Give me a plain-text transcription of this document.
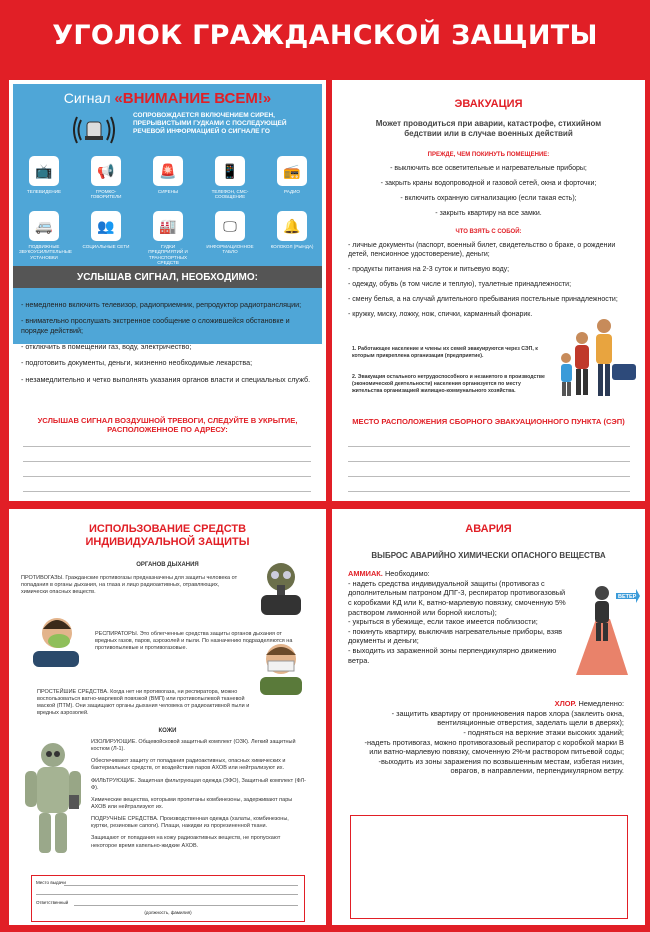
УГОЛОК ГРАЖДАНСКОЙ ЗАЩИТЫ
Сигнал «ВНИМАНИЕ ВСЕМ!»
СОПРОВОЖДАЕТСЯ ВКЛЮЧЕНИЕМ СИРЕН, ПРЕРЫВИСТЫМИ ГУДКАМИ С ПОСЛЕДУЮЩЕЙ РЕЧЕВОЙ ИНФОРМАЦИЕЙ О СИГНАЛЕ ГО
📺
ТЕЛЕВИДЕНИЕ
📢
ГРОМКО-ГОВОРИТЕЛИ
🚨
СИРЕНЫ
📱
ТЕЛЕФОН, СМС-СООБЩЕНИЕ
📻
РАДИО
🚐
ПОДВИЖНЫЕ ЗВУКОУСИЛИТЕЛЬНЫЕ УСТАНОВКИ
👥
СОЦИАЛЬНЫЕ СЕТИ
🏭
ГУДКИ ПРЕДПРИЯТИЙ И ТРАНСПОРТНЫХ СРЕДСТВ
🖵
ИНФОРМАЦИОННОЕ ТАБЛО
🔔
КОЛОКОЛ (РЫНДА)
УСЛЫШАВ СИГНАЛ, НЕОБХОДИМО:

- немедленно включить телевизор, радиоприемник, репродуктор радиотрансляции;

- внимательно прослушать экстренное сообщение о сложившейся обстановке и порядке действий;

- отключить в помещении газ, воду, электричество;

- подготовить документы, деньги, жизненно необходимые лекарства;

- незамедлительно и четко выполнять указания органов власти и специальных служб.

УСЛЫШАВ СИГНАЛ ВОЗДУШНОЙ ТРЕВОГИ, СЛЕДУЙТЕ В УКРЫТИЕ, РАСПОЛОЖЕННОЕ ПО АДРЕСУ:
ЭВАКУАЦИЯ
Может проводиться при аварии, катастрофе, стихийном бедствии или в случае военных действий
ПРЕЖДЕ, ЧЕМ ПОКИНУТЬ ПОМЕЩЕНИЕ:

- выключить все осветительные и нагревательные приборы;

- закрыть краны водопроводной и газовой сетей, окна и форточки;

- включить охранную сигнализацию (если такая есть);

- закрыть квартиру на все замки.

ЧТО ВЗЯТЬ С СОБОЙ:

- личные документы (паспорт, военный билет, свидетельство о браке, о рождении детей, пенсионное удостоверение), деньги;

- продукты питания на 2-3 суток и питьевую воду;

- одежду, обувь (в том числе и теплую), туалетные принадлежности;

- смену белья, а на случай длительного пребывания постельные принадлежности;

- кружку, миску, ложку, нож, спички, карманный фонарик.

1. Работающее население и члены их семей эвакуируются через СЭП, к которым прикреплена организация (предприятие).
2. Эвакуация остального нетрудоспособного и незанятого в производстве (экономической деятельности) населения организуется по месту жительства организацией жилищно-коммунального хозяйства.
МЕСТО РАСПОЛОЖЕНИЯ СБОРНОГО ЭВАКУАЦИОННОГО ПУНКТА (СЭП)
ИСПОЛЬЗОВАНИЕ СРЕДСТВ ИНДИВИДУАЛЬНОЙ ЗАЩИТЫ
ОРГАНОВ ДЫХАНИЯ
ПРОТИВОГАЗЫ. Гражданские противогазы предназначены для защиты человека от попадания в органы дыхания, на глаза и лицо радиоактивных, отравляющих, химически опасных веществ.
РЕСПИРАТОРЫ. Это облегченные средства защиты органов дыхания от вредных газов, паров, аэрозолей и пыли. По назначению подразделяются на противопылевые и противогазовые.
ПРОСТЕЙШИЕ СРЕДСТВА. Когда нет ни противогаза, ни респиратора, можно воспользоваться ватно-марлевой повязкой (ВМП) или противопылевой тканевой маской (ПТМ). Они защищают органы дыхания человека от радиоактивной пыли и вредных аэрозолей.
КОЖИ

ИЗОЛИРУЮЩИЕ. Общевойсковой защитный комплект (ОЗК). Легкий защитный костюм (Л-1).

Обеспечивают защиту от попадания радиоактивных, опасных химических и бактериальных средств, от воздействия паров АХОВ или нейтрализуют их.

ФИЛЬТРУЮЩИЕ. Защитная фильтрующая одежда (ЗФО), Защитный комплект (ФЛ-Ф).

Химические вещества, которыми пропитаны комбинезоны, задерживают пары АХОВ или нейтрализуют их.

ПОДРУЧНЫЕ СРЕДСТВА. Производственная одежда (халаты, комбинезоны, куртки, резиновые сапоги). Плащи, накидки из прорезиненной ткани.

Защищают от попадания на кожу радиоактивных веществ, не пропускают некоторое время капельно-жидкие АХОВ.

Место выдачи
Ответственный
(должность, фамилия)
АВАРИЯ
ВЫБРОС АВАРИЙНО ХИМИЧЕСКИ ОПАСНОГО ВЕЩЕСТВА
АММИАК. Необходимо:
- надеть средства индивидуальной защиты (противогаз с дополнительным патроном ДПГ-3, респиратор противогазовый с коробками КД или К, ватно-марлевую повязку, смоченную 5% раствором лимонной или борной кислоты);
- укрыться в убежище, если такое имеется поблизости;
- покинуть квартиру, выключив нагревательные приборы, взяв документы и деньги;
- выходить из зараженной зоны перпендикулярно движению ветра.
ВЕТЕР
ХЛОР. Немедленно:
- защитить квартиру от проникновения паров хлора (заклеить окна, вентиляционные отверстия, заделать щели в дверях);
- подняться на верхние этажи высоких зданий;
-надеть противогаз, можно противогазовый респиратор с коробкой марки В или ватно-марлевую повязку, смоченную 2%-м раствором питьевой соды;
-выходить из зоны заражения по возвышенным местам, избегая низин, оврагов, в направлении, перпендикулярном ветру.
